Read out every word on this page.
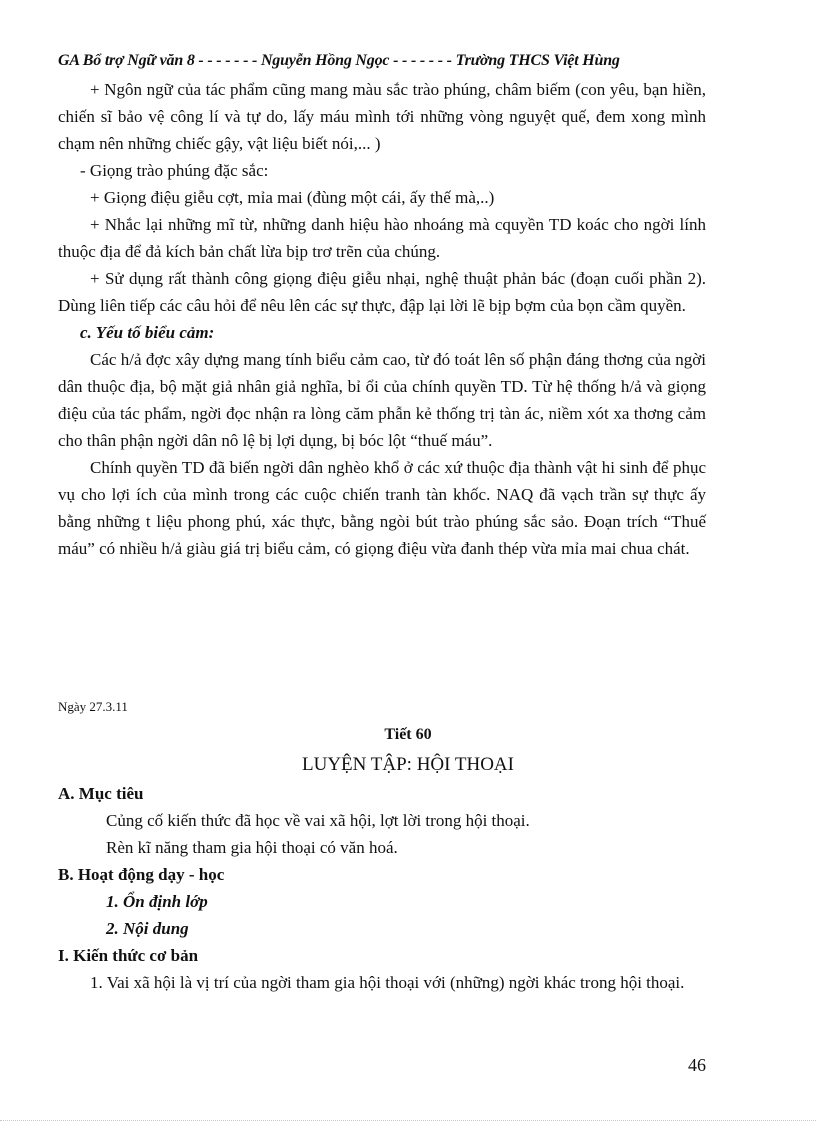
GA Bổ trợ Ngữ văn 8 - - - - - - - Nguyễn Hồng Ngọc - - - - - - - Trường THCS Việt Hùng

+ Ngôn ngữ của tác phẩm cũng mang màu sắc trào phúng, châm biếm (con yêu, bạn hiền, chiến sĩ bảo vệ công lí và tự do, lấy máu mình tới những vòng nguyệt quế, đem xong mình chạm nên những chiếc gậy, vật liệu biết nói,... )

- Giọng trào phúng đặc sắc:

+ Giọng điệu giễu cợt, mỉa mai (đùng một cái, ấy thế mà,..)

+ Nhắc lại những mĩ từ, những danh hiệu hào nhoáng mà cquyền TD koác cho ngời lính thuộc địa để đả kích bản chất lừa bịp trơ trẽn của chúng.

+ Sử dụng rất thành công giọng điệu giễu nhại, nghệ thuật phản bác (đoạn cuối phần 2). Dùng liên tiếp các câu hỏi để nêu lên các sự thực, đập lại lời lẽ bịp bợm của bọn cầm quyền.

c. Yếu tố biểu cảm:

Các h/ả đợc xây dựng mang tính biểu cảm cao, từ đó toát lên số phận đáng thơng của ngời dân thuộc địa, bộ mặt giả nhân giả nghĩa, bỉ ổi của chính quyền TD. Từ hệ thống h/ả và giọng điệu của tác phẩm, ngời đọc nhận ra lòng căm phẫn kẻ thống trị tàn ác, niềm xót xa thơng cảm cho thân phận ngời dân nô lệ bị lợi dụng, bị bóc lột “thuế máu”.

Chính quyền TD đã biến ngời dân nghèo khổ ở các xứ thuộc địa thành vật hi sinh để phục vụ cho lợi ích của mình trong các cuộc chiến tranh tàn khốc. NAQ đã vạch trần sự thực ấy bằng những t liệu phong phú, xác thực, bằng ngòi bút trào phúng sắc sảo. Đoạn trích “Thuế máu” có nhiều h/ả giàu giá trị biểu cảm, có giọng điệu vừa đanh thép vừa mỉa mai chua chát.

Ngày 27.3.11
Tiết 60
LUYỆN TẬP: HỘI THOẠI

A. Mục tiêu

Củng cố kiến thức đã học về vai xã hội, lợt lời trong hội thoại.

Rèn kĩ năng tham gia hội thoại có văn hoá.

B. Hoạt động dạy - học

1. Ổn định lớp

2. Nội dung

I. Kiến thức cơ bản

1. Vai xã hội là vị trí của ngời tham gia hội thoại với (những) ngời khác trong hội thoại.

46
